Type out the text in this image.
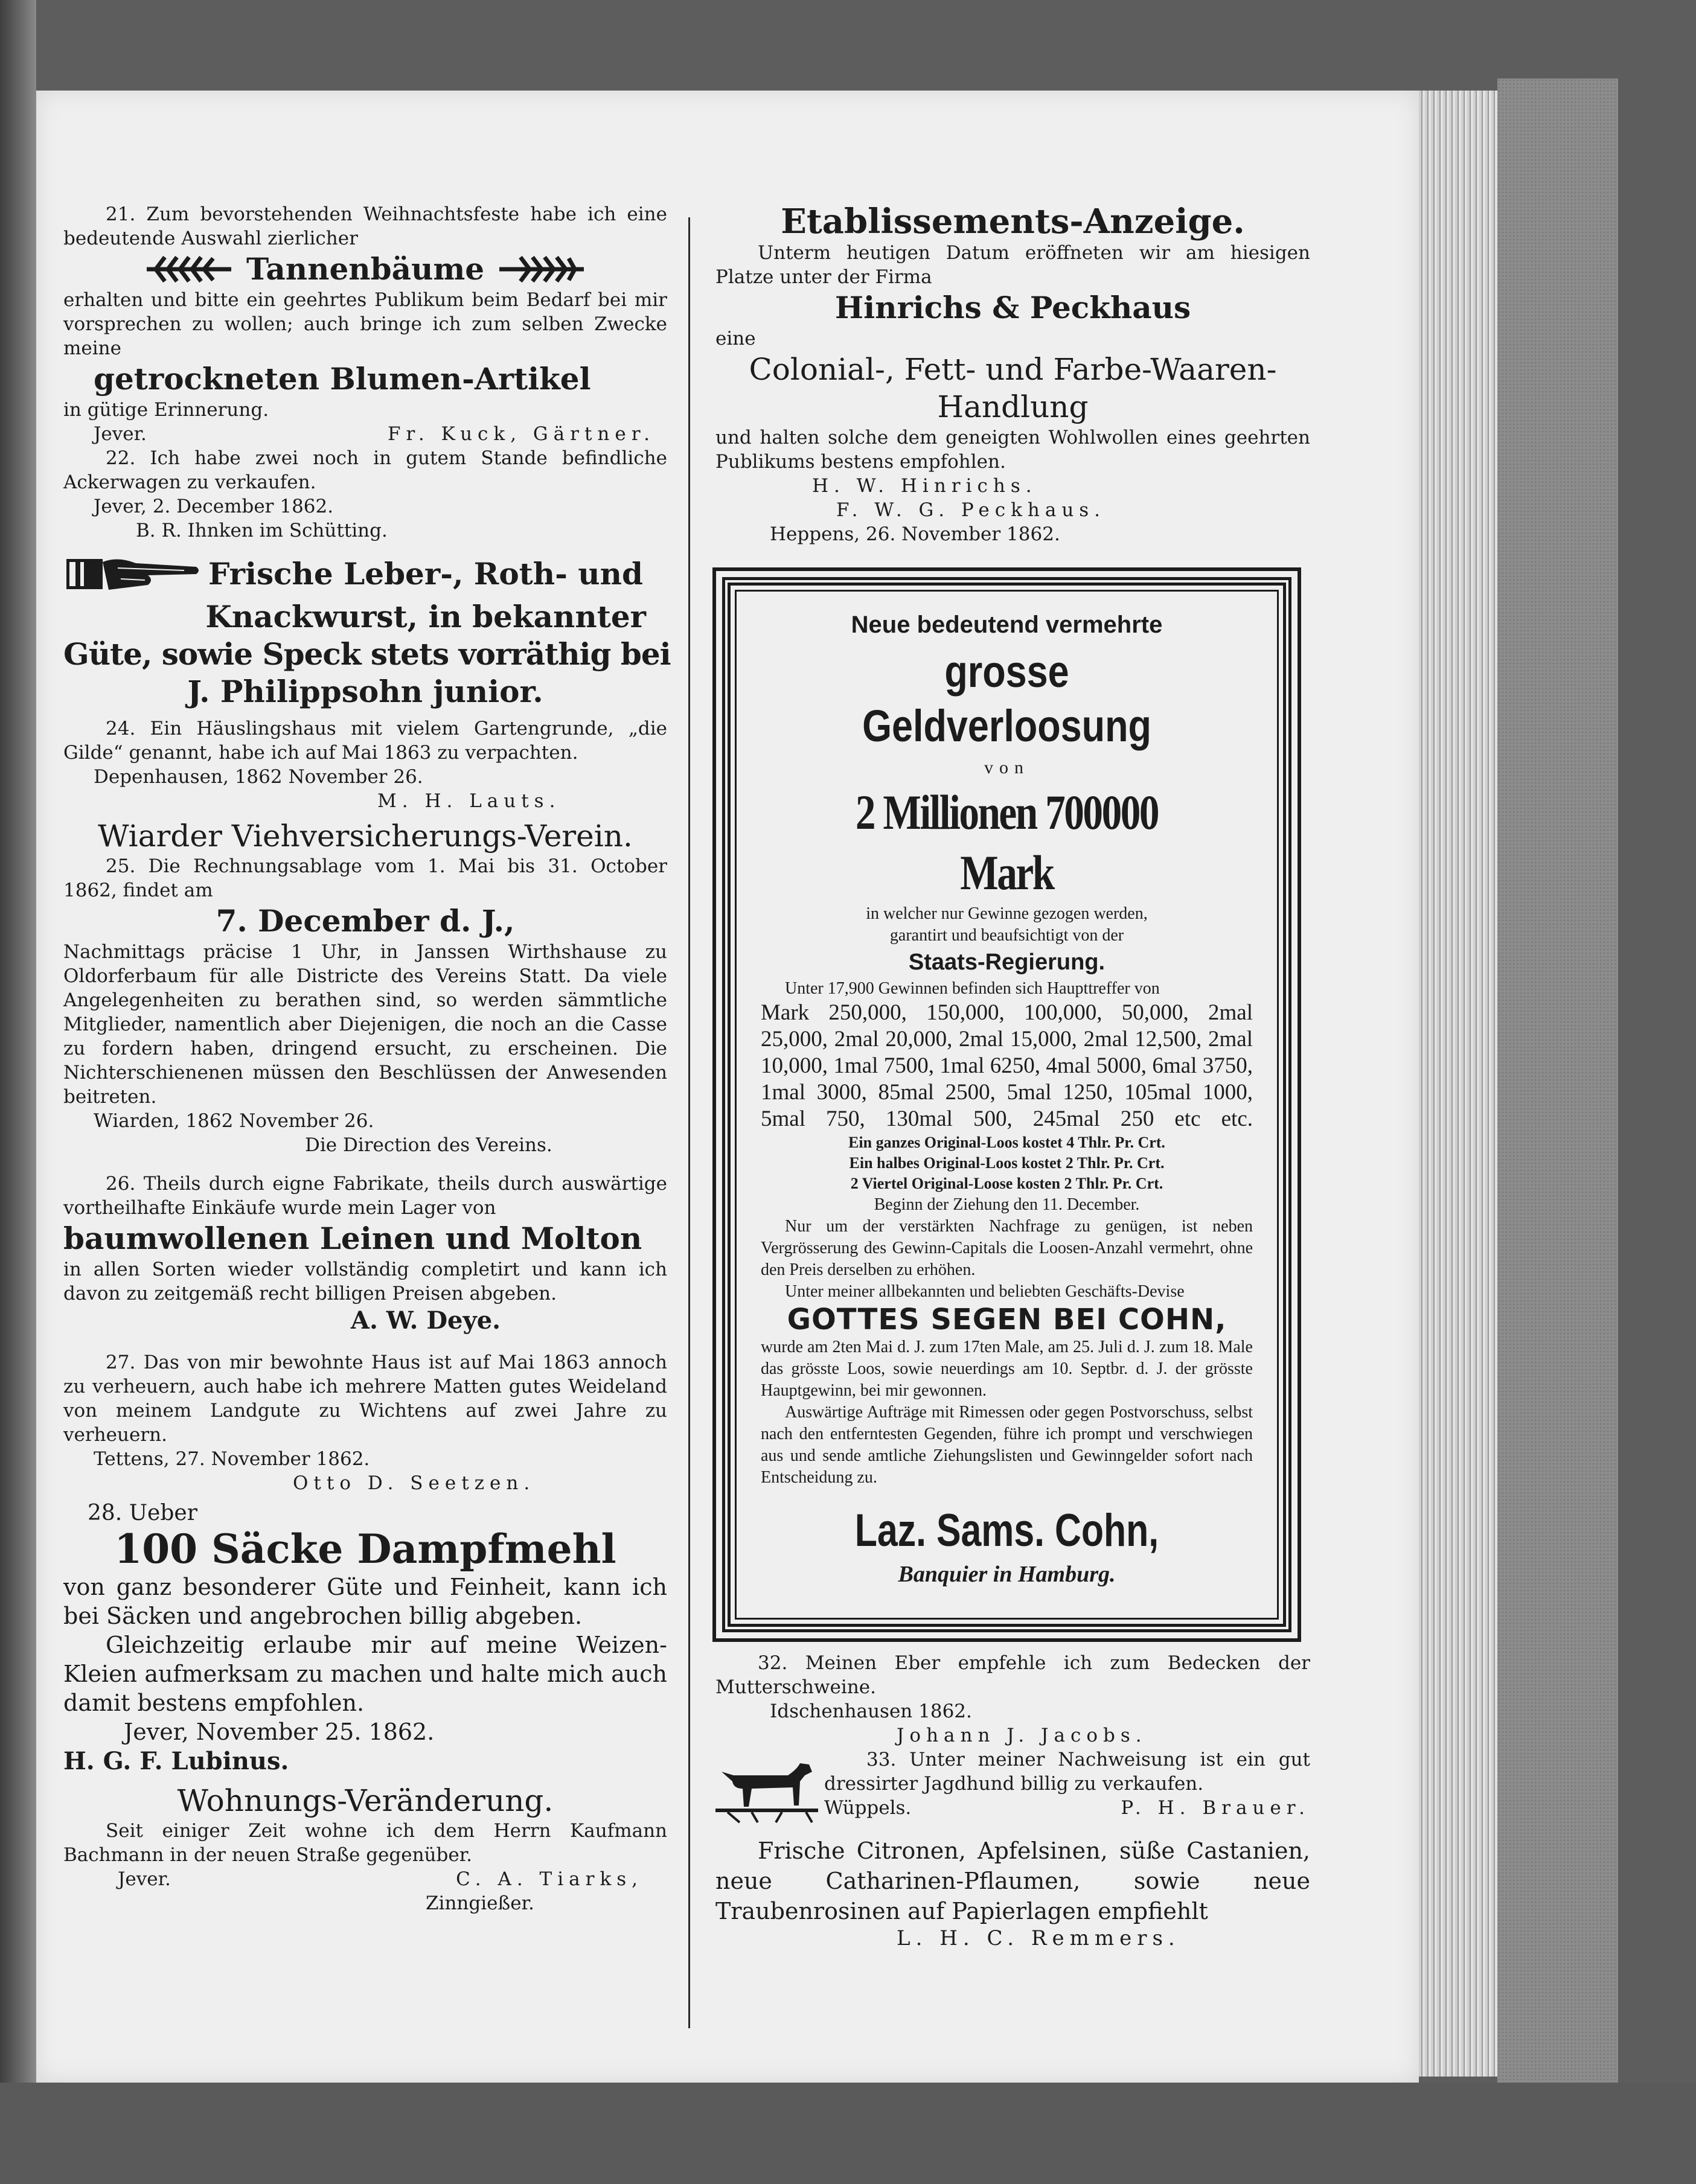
21. Zum bevorstehenden Weihnachtsfeste habe ich eine bedeutende Auswahl zierlicher

Tannenbäume

erhalten und bitte ein geehrtes Publikum beim Bedarf bei mir vorsprechen zu wollen; auch bringe ich zum selben Zwecke meine

getrockneten Blumen-Artikel

in gütige Erinnerung.

Jever.	Fr. Kuck, Gärtner.

22. Ich habe zwei noch in gutem Stande befindliche Ackerwagen zu verkaufen.

Jever, 2. December 1862.

B. R. Ihnken im Schütting.

Frische Leber-, Roth- und

Knackwurst, in bekannter

Güte, sowie Speck stets vorräthig bei

J. Philippsohn junior.

24. Ein Häuslingshaus mit vielem Gartengrunde, „die Gilde“ genannt, habe ich auf Mai 1863 zu verpachten.

Depenhausen, 1862 November 26.

M. H. Lauts.

Wiarder Viehversicherungs-Verein.

25. Die Rechnungsablage vom 1. Mai bis 31. October 1862, findet am

7. December d. J.,

Nachmittags präcise 1 Uhr, in Janssen Wirthshause zu Oldorferbaum für alle Districte des Vereins Statt. Da viele Angelegenheiten zu berathen sind, so werden sämmtliche Mitglieder, namentlich aber Diejenigen, die noch an die Casse zu fordern haben, dringend ersucht, zu erscheinen. Die Nichterschienenen müssen den Beschlüssen der Anwesenden beitreten.

Wiarden, 1862 November 26.

Die Direction des Vereins.

26. Theils durch eigne Fabrikate, theils durch auswärtige vortheilhafte Einkäufe wurde mein Lager von

baumwollenen Leinen und Molton

in allen Sorten wieder vollständig completirt und kann ich davon zu zeitgemäß recht billigen Preisen abgeben.

A. W. Deye.

27. Das von mir bewohnte Haus ist auf Mai 1863 annoch zu verheuern, auch habe ich mehrere Matten gutes Weideland von meinem Landgute zu Wichtens auf zwei Jahre zu verheuern.

Tettens, 27. November 1862.

Otto D. Seetzen.

28. Ueber

100 Säcke Dampfmehl

von ganz besonderer Güte und Feinheit, kann ich bei Säcken und angebrochen billig abgeben.

Gleichzeitig erlaube mir auf meine Weizen-Kleien aufmerksam zu machen und halte mich auch damit bestens empfohlen.

Jever, November 25. 1862.

H. G. F. Lubinus.

Wohnungs-Veränderung.

Seit einiger Zeit wohne ich dem Herrn Kaufmann Bachmann in der neuen Straße gegenüber.

Jever.	C. A. Tiarks,

Zinngießer.

Etablissements-Anzeige.

Unterm heutigen Datum eröffneten wir am hiesigen Platze unter der Firma

Hinrichs & Peckhaus

eine

Colonial-, Fett- und Farbe-Waaren-

Handlung

und halten solche dem geneigten Wohlwollen eines geehrten Publikums bestens empfohlen.

H. W. Hinrichs.

F. W. G. Peckhaus.

Heppens, 26. November 1862.

Neue bedeutend vermehrte

grosse Geldverloosung

von

2 Millionen 700000 Mark

in welcher nur Gewinne gezogen werden,

garantirt und beaufsichtigt von der

Staats-Regierung.

Unter 17,900 Gewinnen befinden sich Haupttreffer von

Mark 250,000, 150,000, 100,000, 50,000, 2mal 25,000, 2mal 20,000, 2mal 15,000, 2mal 12,500, 2mal 10,000, 1mal 7500, 1mal 6250, 4mal 5000, 6mal 3750, 1mal 3000, 85mal 2500, 5mal 1250, 105mal 1000, 5mal 750, 130mal 500, 245mal 250 etc etc.

Ein ganzes Original-Loos kostet 4 Thlr. Pr. Crt.

Ein halbes Original-Loos kostet 2 Thlr. Pr. Crt.

2 Viertel Original-Loose kosten 2 Thlr. Pr. Crt.

Beginn der Ziehung den 11. December.

Nur um der verstärkten Nachfrage zu genügen, ist neben Vergrösserung des Gewinn-Capitals die Loosen-Anzahl vermehrt, ohne den Preis derselben zu erhöhen.

Unter meiner allbekannten und beliebten Geschäfts-Devise

GOTTES SEGEN BEI COHN,

wurde am 2ten Mai d. J. zum 17ten Male, am 25. Juli d. J. zum 18. Male das grösste Loos, sowie neuerdings am 10. Septbr. d. J. der grösste Hauptgewinn, bei mir gewonnen.

Auswärtige Aufträge mit Rimessen oder gegen Postvorschuss, selbst nach den entferntesten Gegenden, führe ich prompt und verschwiegen aus und sende amtliche Ziehungslisten und Gewinngelder sofort nach Entscheidung zu.

Laz. Sams. Cohn,

Banquier in Hamburg.

32. Meinen Eber empfehle ich zum Bedecken der Mutterschweine.

Idschenhausen 1862.

Johann J. Jacobs.

33. Unter meiner Nachweisung ist ein gut dressirter Jagdhund billig zu verkaufen.

Wüppels.	P. H. Brauer.

Frische Citronen, Apfelsinen, süße Castanien, neue Catharinen-Pflaumen, sowie neue Traubenrosinen auf Papierlagen empfiehlt

L. H. C. Remmers.
